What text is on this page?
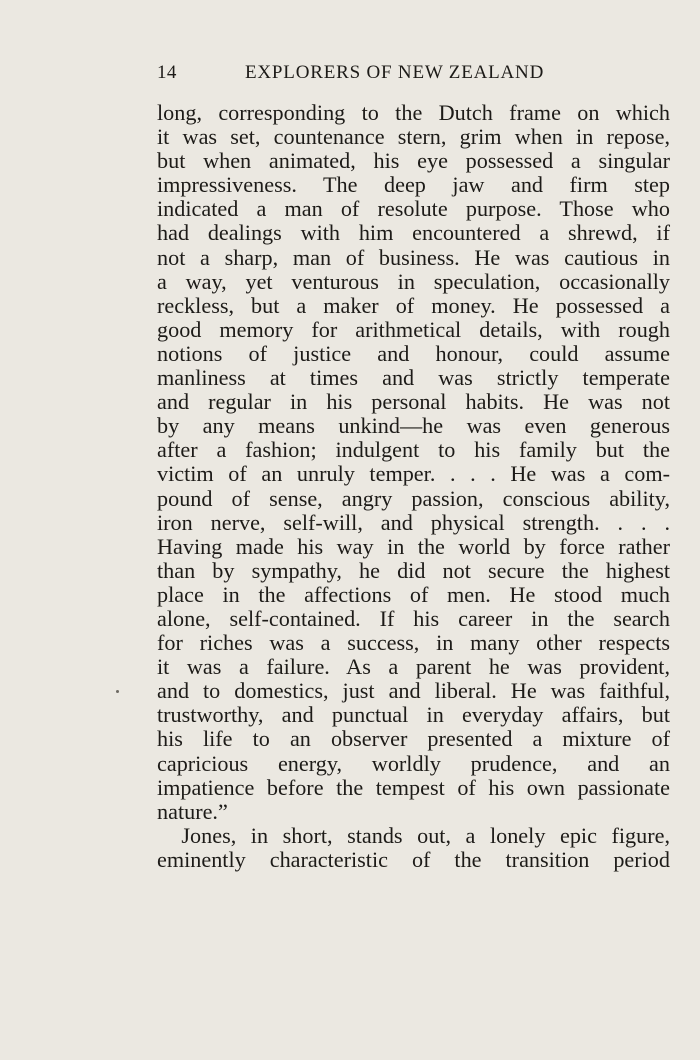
14	EXPLORERS OF NEW ZEALAND
long, corresponding to the Dutch frame on which
it was set, countenance stern, grim when in repose,
but when animated, his eye possessed a singular
impressiveness. The deep jaw and firm step
indicated a man of resolute purpose. Those who
had dealings with him encountered a shrewd, if
not a sharp, man of business. He was cautious in
a way, yet venturous in speculation, occasionally
reckless, but a maker of money. He possessed a
good memory for arithmetical details, with rough
notions of justice and honour, could assume
manliness at times and was strictly temperate
and regular in his personal habits. He was not
by any means unkind—he was even generous
after a fashion; indulgent to his family but the
victim of an unruly temper. . . . He was a com-
pound of sense, angry passion, conscious ability,
iron nerve, self-will, and physical strength. . . .
Having made his way in the world by force rather
than by sympathy, he did not secure the highest
place in the affections of men. He stood much
alone, self-contained. If his career in the search
for riches was a success, in many other respects
it was a failure. As a parent he was provident,
and to domestics, just and liberal. He was faithful,
trustworthy, and punctual in everyday affairs, but
his life to an observer presented a mixture of
capricious energy, worldly prudence, and an
impatience before the tempest of his own passionate
nature.”
Jones, in short, stands out, a lonely epic figure,
eminently characteristic of the transition period
